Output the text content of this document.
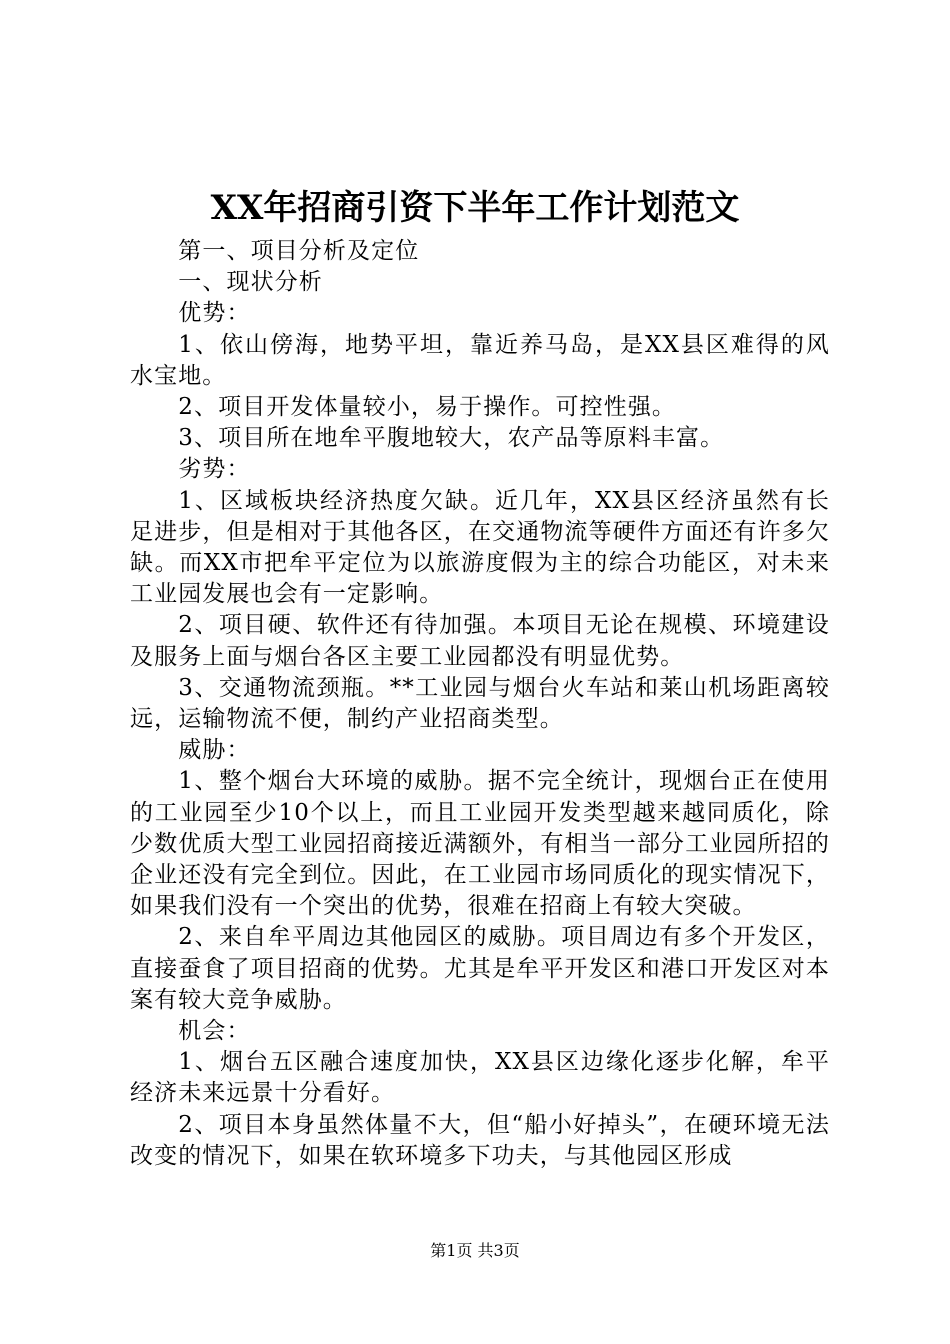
XX年招商引资下半年工作计划范文

第一、项目分析及定位

一、现状分析

优势：

1、依山傍海，地势平坦，靠近养马岛，是XX县区难得的风水宝地。

2、项目开发体量较小，易于操作。可控性强。

3、项目所在地牟平腹地较大，农产品等原料丰富。

劣势：

1、区域板块经济热度欠缺。近几年，XX县区经济虽然有长足进步，但是相对于其他各区，在交通物流等硬件方面还有许多欠缺。而XX市把牟平定位为以旅游度假为主的综合功能区，对未来工业园发展也会有一定影响。

2、项目硬、软件还有待加强。本项目无论在规模、环境建设及服务上面与烟台各区主要工业园都没有明显优势。

3、交通物流颈瓶。**工业园与烟台火车站和莱山机场距离较远，运输物流不便，制约产业招商类型。

威胁：

1、整个烟台大环境的威胁。据不完全统计，现烟台正在使用的工业园至少10个以上，而且工业园开发类型越来越同质化，除少数优质大型工业园招商接近满额外，有相当一部分工业园所招的企业还没有完全到位。因此，在工业园市场同质化的现实情况下，如果我们没有一个突出的优势，很难在招商上有较大突破。

2、来自牟平周边其他园区的威胁。项目周边有多个开发区，直接蚕食了项目招商的优势。尤其是牟平开发区和港口开发区对本案有较大竞争威胁。

机会：

1、烟台五区融合速度加快，XX县区边缘化逐步化解，牟平经济未来远景十分看好。

2、项目本身虽然体量不大，但“船小好掉头”，在硬环境无法改变的情况下，如果在软环境多下功夫，与其他园区形成

第1页 共3页
